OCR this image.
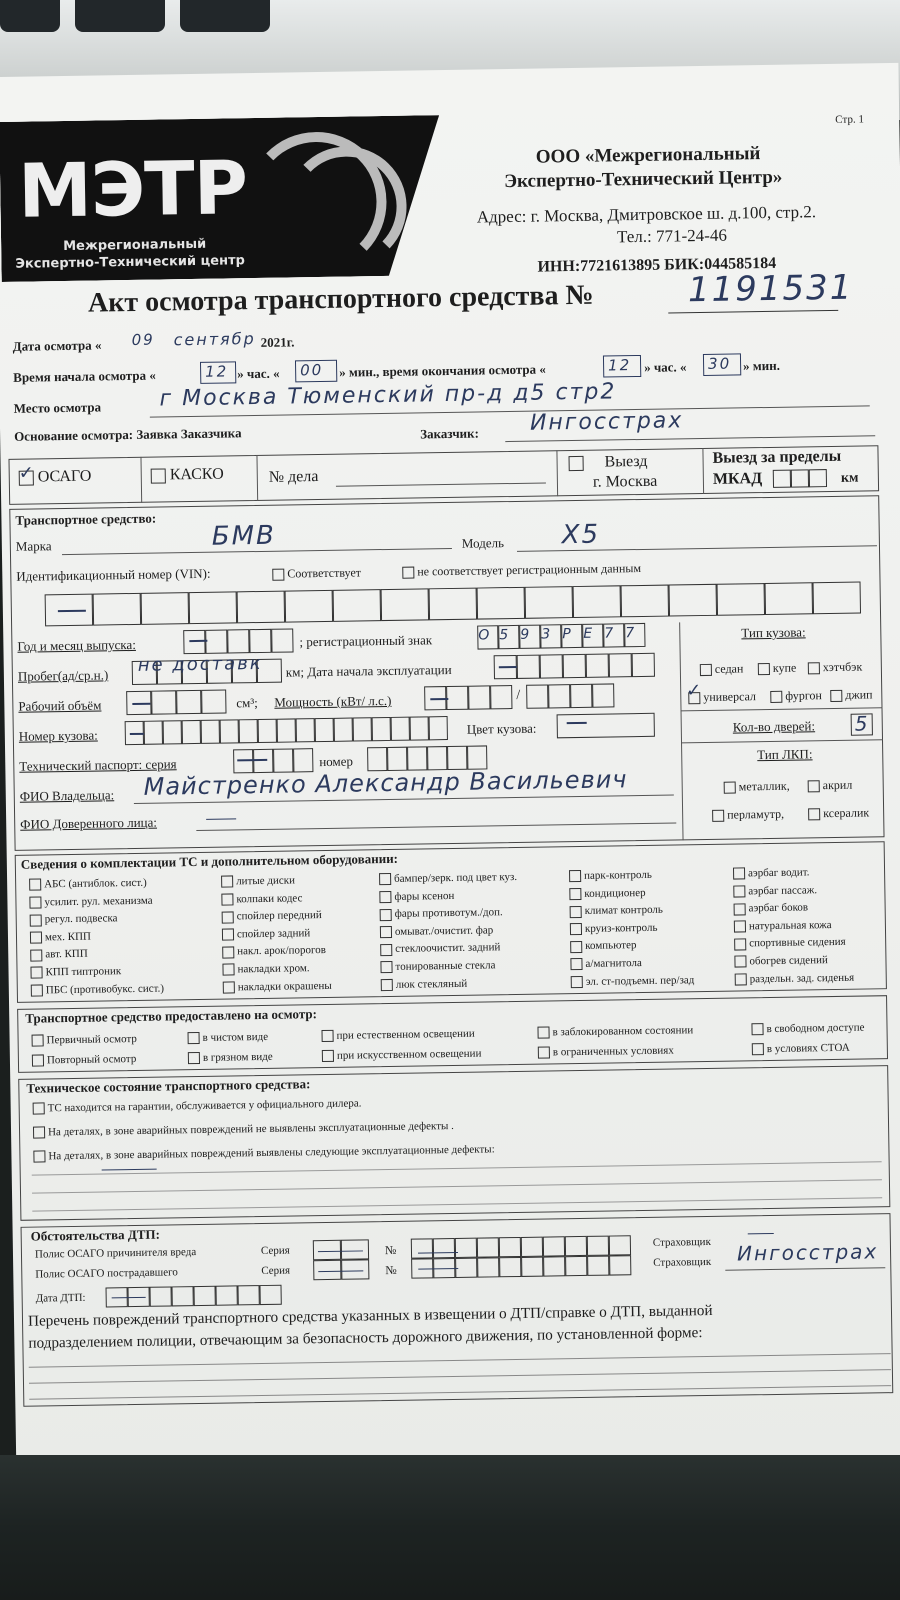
Стр. 1
МЭТР
Межрегиональный
Экспертно-Технический центр
ООО «Межрегиональный
Экспертно-Технический Центр»
Адрес: г. Москва, Дмитровское ш. д.100, стр.2.
Тел.: 771-24-46
ИНН:7721613895 БИК:044585184
Акт осмотра транспортного средства №	1191531
Дата осмотра « 09 сентябр 2021г.
Время начала осмотра «	12 » час. « 00 » мин., время окончания осмотра «	12 » час. « 30 » мин.
Место осмотра	г Москва Тюменский пр-д д5 стр2
Основание осмотра: Заявка Заказчика	Заказчик: Ингосстрах
ОСАГО
✓	КАСКО	№ дела
Выезд
г. Москва
Выезд за пределы
МКАД	км
Транспортное средство:
Марка	БМВ	Модель Х5
Идентификационный номер (VIN):	Соответствует	не соответствует регистрационным данным
Год и месяц выпуска:	; регистрационный знак	О 5 9 3 Р Е 7 7
Пробег(ад/ср.н.) не доставк км; Дата начала эксплуатации
Рабочий объём	см³; Мощность (кВт/ л.с.)	/
Номер кузова:	Цвет кузова:
Технический паспорт: серия	номер
ФИО Владельца: Майстренко Александр Васильевич
ФИО Доверенного лица:
Тип кузова:
седан	купе	хэтчбэк
универсал
✓	фургон	джип
Кол-во дверей: 5
Тип ЛКП:
металлик,	акрил
перламутр,	ксералик
Сведения о комплектации ТС и дополнительном оборудовании:
АБС (антиблок. сист.)
усилит. рул. механизма
регул. подвеска
мех. КПП
авт. КПП
КПП типтроник
ПБС (противобукс. сист.)
литые диски
колпаки кодес
спойлер передний
спойлер задний
накл. арок/порогов
накладки хром.
накладки окрашены
бампер/зерк. под цвет куз.
фары ксенон
фары противотум./доп.
омыват./очистит. фар
стеклоочистит. задний
тонированные стекла
люк стекляный
парк-контроль
кондиционер
климат контроль
круиз-контроль
компьютер
а/магнитола
эл. ст-подъемн. пер/зад
аэрбаг водит.
аэрбаг пассаж.
аэрбаг боков
натуральная кожа
спортивные сидения
обогрев сидений
раздельн. зад. сиденья
Транспортное средство предоставлено на осмотр:
Первичный осмотр	в чистом виде	при естественном освещении	в заблокированном состоянии	в свободном доступе
Повторный осмотр	в грязном виде	при искусственном освещении	в ограниченных условиях	в условиях СТОА
Техническое состояние транспортного средства:
ТС находится на гарантии, обслуживается у официального дилера.
На деталях, в зоне аварийных повреждений не выявлены эксплуатационные дефекты .
На деталях, в зоне аварийных повреждений выявлены следующие эксплуатационные дефекты:
Обстоятельства ДТП:
Полис ОСАГО причинителя вреда
Полис ОСАГО пострадавшего
Серия
Серия
№
№
Страховщик
Страховщик Ингосстрах
Дата ДТП:
Перечень повреждений транспортного средства указанных в извещении о ДТП/справке о ДТП, выданной
подразделением полиции, отвечающим за безопасность дорожного движения, по установленной форме:
